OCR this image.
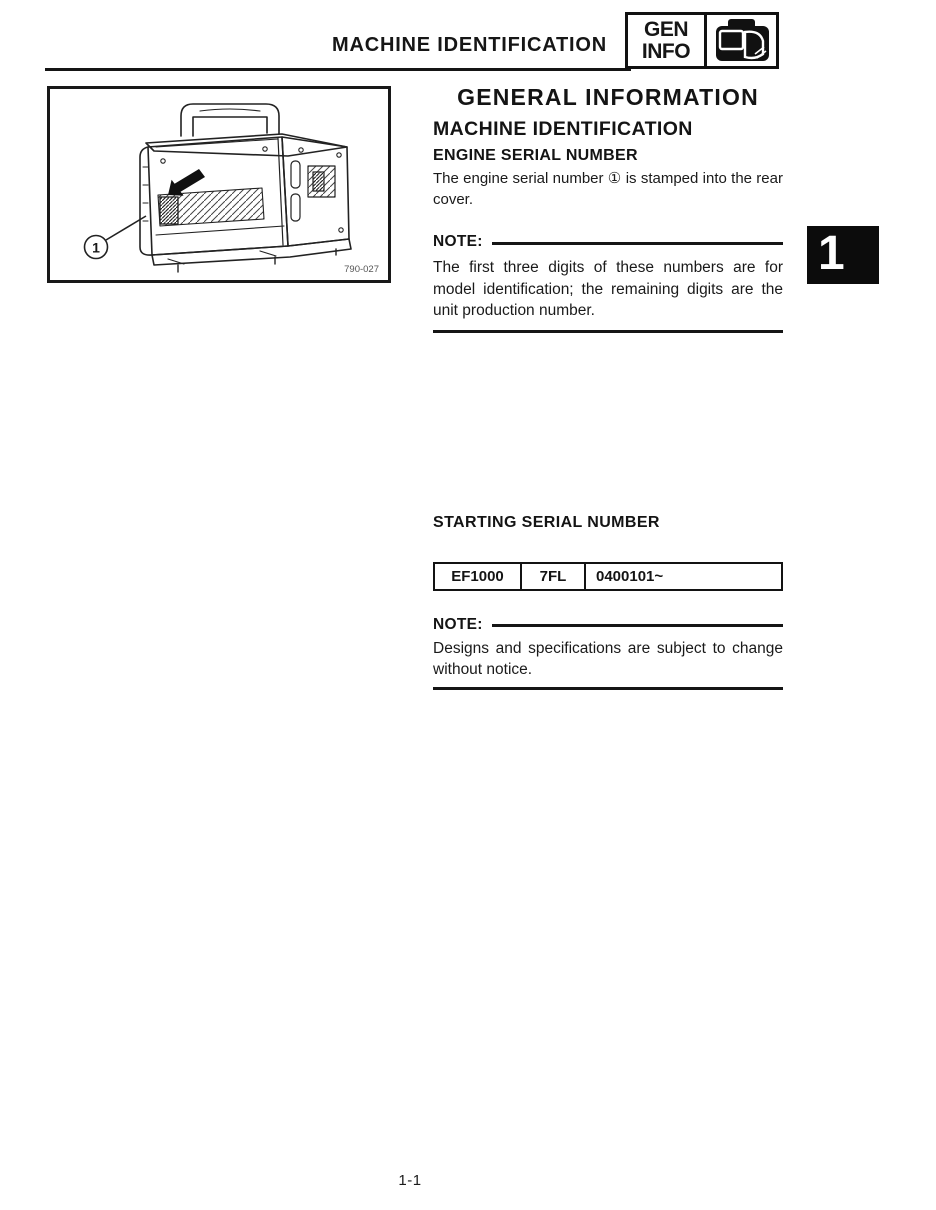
MACHINE IDENTIFICATION
GEN
INFO
1
790-027	1
GENERAL INFORMATION
MACHINE IDENTIFICATION
ENGINE SERIAL NUMBER

The engine serial number ① is stamped into the rear cover.

NOTE:

The first three digits of these numbers are for model identification; the remaining digits are the unit production number.

STARTING SERIAL NUMBER
EF1000	7FL	0400101~
NOTE:

Designs and specifications are subject to change without notice.

1-1
